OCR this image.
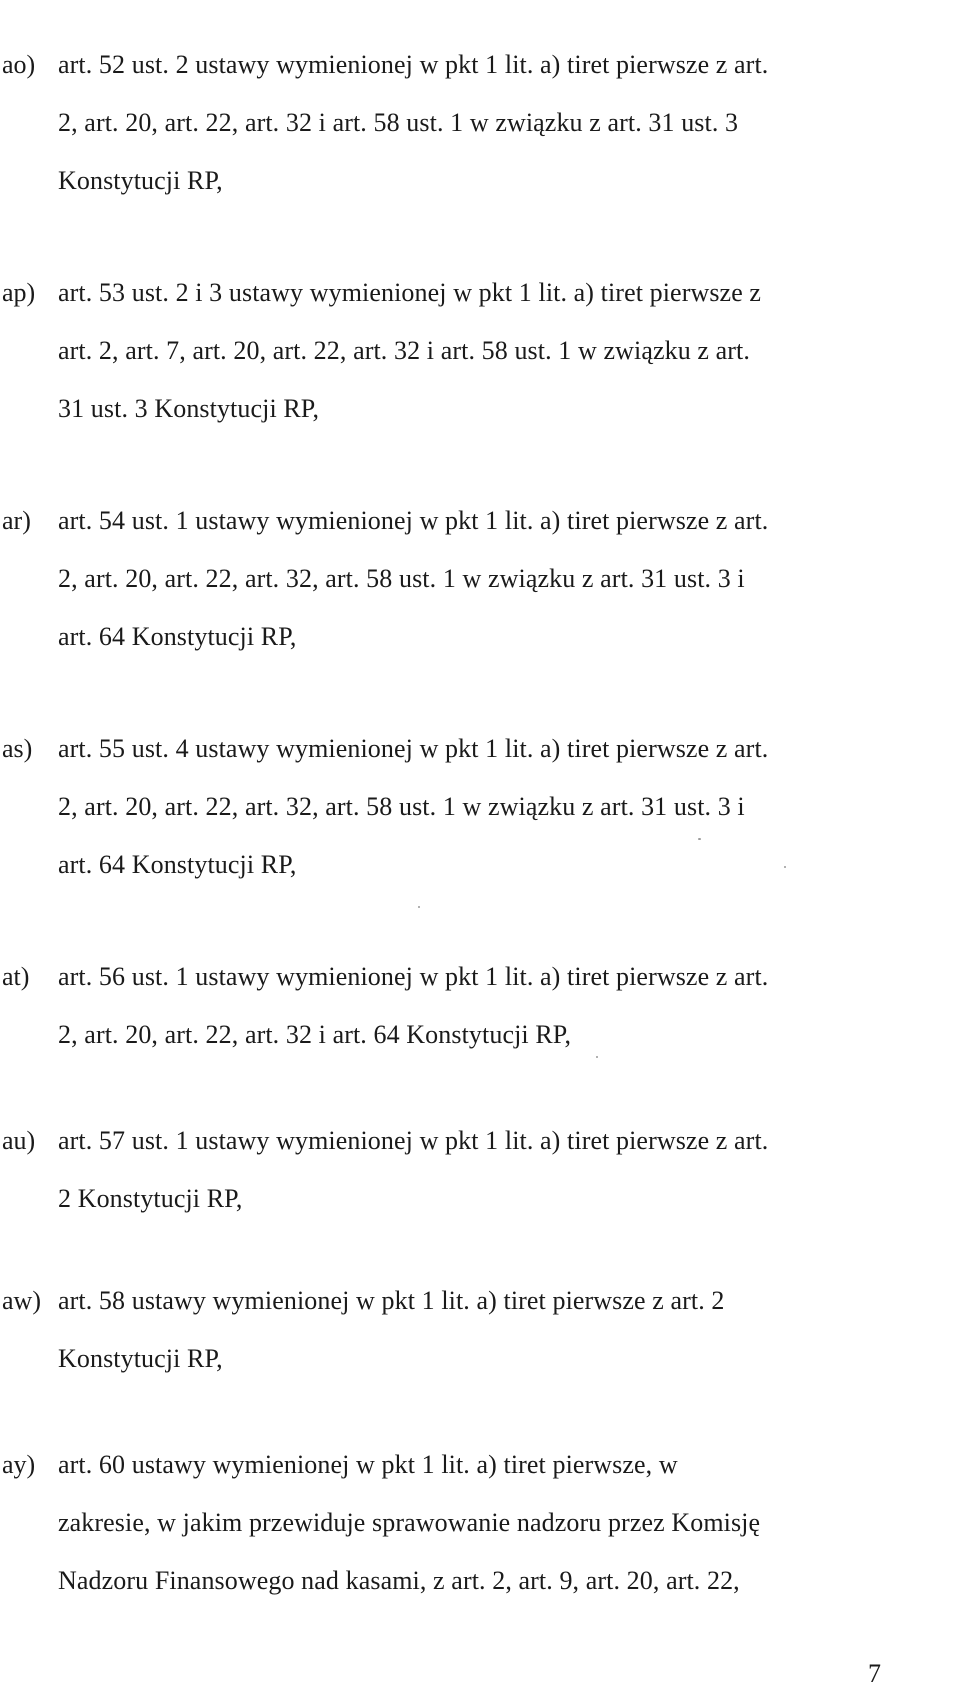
ao) art. 52 ust. 2 ustawy wymienionej w pkt 1 lit. a) tiret pierwsze z art.
2, art. 20, art. 22, art. 32 i art. 58 ust. 1 w związku z art. 31 ust. 3
Konstytucji RP,
ap) art. 53 ust. 2 i 3 ustawy wymienionej w pkt 1 lit. a) tiret pierwsze z
art. 2, art. 7, art. 20, art. 22, art. 32 i art. 58 ust. 1 w związku z art.
31 ust. 3 Konstytucji RP,
ar) art. 54 ust. 1 ustawy wymienionej w pkt 1 lit. a) tiret pierwsze z art.
2, art. 20, art. 22, art. 32, art. 58 ust. 1 w związku z art. 31 ust. 3 i
art. 64 Konstytucji RP,
as) art. 55 ust. 4 ustawy wymienionej w pkt 1 lit. a) tiret pierwsze z art.
2, art. 20, art. 22, art. 32, art. 58 ust. 1 w związku z art. 31 ust. 3 i
art. 64 Konstytucji RP,
at) art. 56 ust. 1 ustawy wymienionej w pkt 1 lit. a) tiret pierwsze z art.
2, art. 20, art. 22, art. 32 i art. 64 Konstytucji RP,
au) art. 57 ust. 1 ustawy wymienionej w pkt 1 lit. a) tiret pierwsze z art.
2 Konstytucji RP,
aw) art. 58 ustawy wymienionej w pkt 1 lit. a) tiret pierwsze z art. 2
Konstytucji RP,
ay) art. 60 ustawy wymienionej w pkt 1 lit. a) tiret pierwsze, w
zakresie, w jakim przewiduje sprawowanie nadzoru przez Komisję
Nadzoru Finansowego nad kasami, z art. 2, art. 9, art. 20, art. 22,
7
